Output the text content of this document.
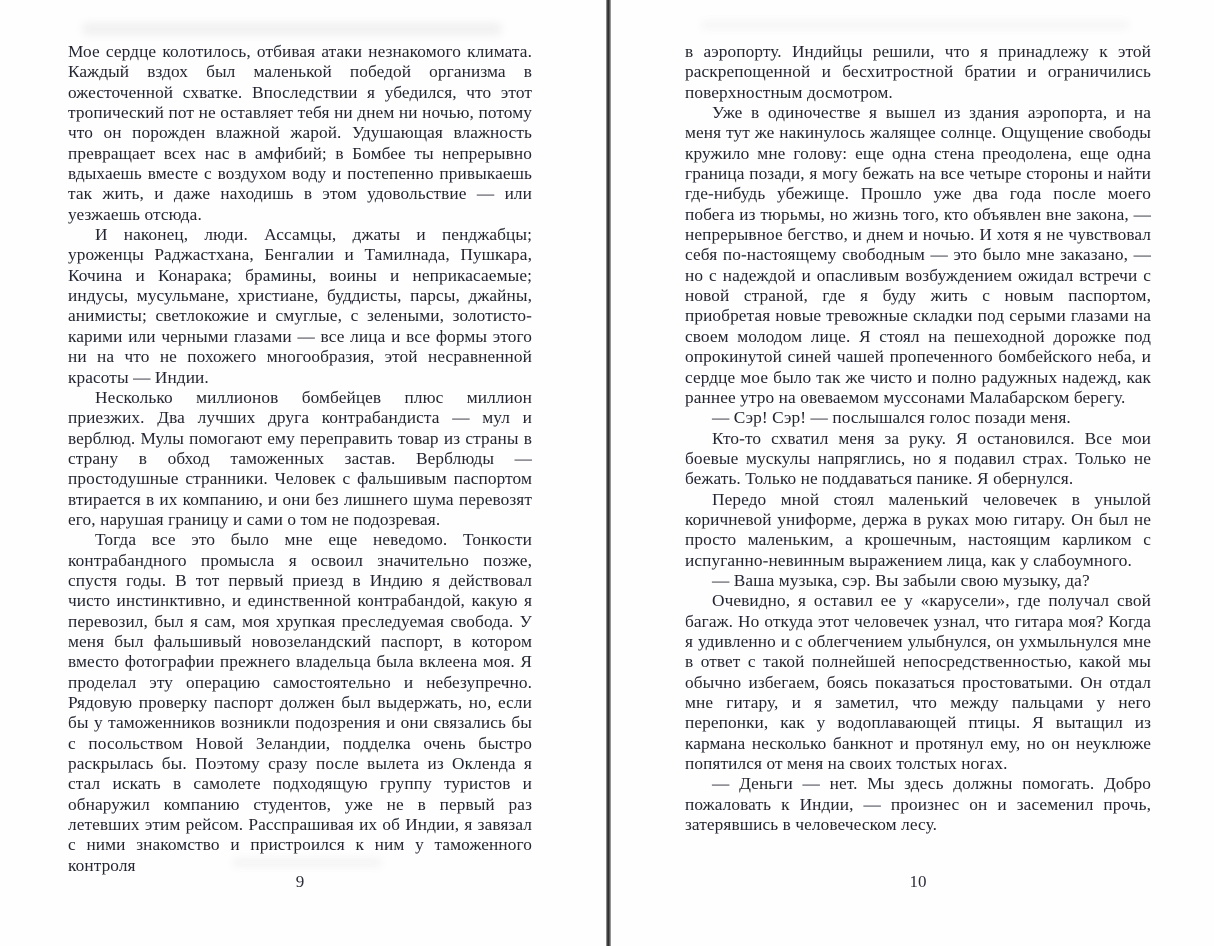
Мое сердце колотилось, отбивая атаки незнакомого климата. Каждый вздох был маленькой победой организма в ожесточенной схватке. Впоследствии я убедился, что этот тропический пот не оставляет тебя ни днем ни ночью, потому что он порожден влажной жарой. Удушающая влажность превращает всех нас в амфибий; в Бомбее ты непрерывно вдыхаешь вместе с воздухом воду и постепенно привыкаешь так жить, и даже находишь в этом удовольствие — или уезжаешь отсюда.

И наконец, люди. Ассамцы, джаты и пенджабцы; уроженцы Раджастхана, Бенгалии и Тамилнада, Пушкара, Кочина и Конарака; брамины, воины и неприкасаемые; индусы, мусульмане, христиане, буддисты, парсы, джайны, анимисты; светлокожие и смуглые, с зелеными, золотисто-карими или черными глазами — все лица и все формы этого ни на что не похожего многообразия, этой несравненной красоты — Индии.

Несколько миллионов бомбейцев плюс миллион приезжих. Два лучших друга контрабандиста — мул и верблюд. Мулы помогают ему переправить товар из страны в страну в обход таможенных застав. Верблюды — простодушные странники. Человек с фальшивым паспортом втирается в их компанию, и они без лишнего шума перевозят его, нарушая границу и сами о том не подозревая.

Тогда все это было мне еще неведомо. Тонкости контрабандного промысла я освоил значительно позже, спустя годы. В тот первый приезд в Индию я действовал чисто инстинктивно, и единственной контрабандой, какую я перевозил, был я сам, моя хрупкая преследуемая свобода. У меня был фальшивый новозеландский паспорт, в котором вместо фотографии прежнего владельца была вклеена моя. Я проделал эту операцию самостоятельно и небезупречно. Рядовую проверку паспорт должен был выдержать, но, если бы у таможенников возникли подозрения и они связались бы с посольством Новой Зеландии, подделка очень быстро раскрылась бы. Поэтому сразу после вылета из Окленда я стал искать в самолете подходящую группу туристов и обнаружил компанию студентов, уже не в первый раз летевших этим рейсом. Расспрашивая их об Индии, я завязал с ними знакомство и пристроился к ним у таможенного контроля

9

в аэропорту. Индийцы решили, что я принадлежу к этой раскрепощенной и бесхитростной братии и ограничились поверхностным досмотром.

Уже в одиночестве я вышел из здания аэропорта, и на меня тут же накинулось жалящее солнце. Ощущение свободы кружило мне голову: еще одна стена преодолена, еще одна граница позади, я могу бежать на все четыре стороны и найти где-нибудь убежище. Прошло уже два года после моего побега из тюрьмы, но жизнь того, кто объявлен вне закона, — непрерывное бегство, и днем и ночью. И хотя я не чувствовал себя по-настоящему свободным — это было мне заказано, — но с надеждой и опасливым возбуждением ожидал встречи с новой страной, где я буду жить с новым паспортом, приобретая новые тревожные складки под серыми глазами на своем молодом лице. Я стоял на пешеходной дорожке под опрокинутой синей чашей пропеченного бомбейского неба, и сердце мое было так же чисто и полно радужных надежд, как раннее утро на овеваемом муссонами Малабарском берегу.

— Сэр! Сэр! — послышался голос позади меня.

Кто-то схватил меня за руку. Я остановился. Все мои боевые мускулы напряглись, но я подавил страх. Только не бежать. Только не поддаваться панике. Я обернулся.

Передо мной стоял маленький человечек в унылой коричневой униформе, держа в руках мою гитару. Он был не просто маленьким, а крошечным, настоящим карликом с испуганно-невинным выражением лица, как у слабоумного.

— Ваша музыка, сэр. Вы забыли свою музыку, да?

Очевидно, я оставил ее у «карусели», где получал свой багаж. Но откуда этот человечек узнал, что гитара моя? Когда я удивленно и с облегчением улыбнулся, он ухмыльнулся мне в ответ с такой полнейшей непосредственностью, какой мы обычно избегаем, боясь показаться простоватыми. Он отдал мне гитару, и я заметил, что между пальцами у него перепонки, как у водоплавающей птицы. Я вытащил из кармана несколько банкнот и протянул ему, но он неуклюже попятился от меня на своих толстых ногах.

— Деньги — нет. Мы здесь должны помогать. Добро пожаловать к Индии, — произнес он и засеменил прочь, затерявшись в человеческом лесу.

10
